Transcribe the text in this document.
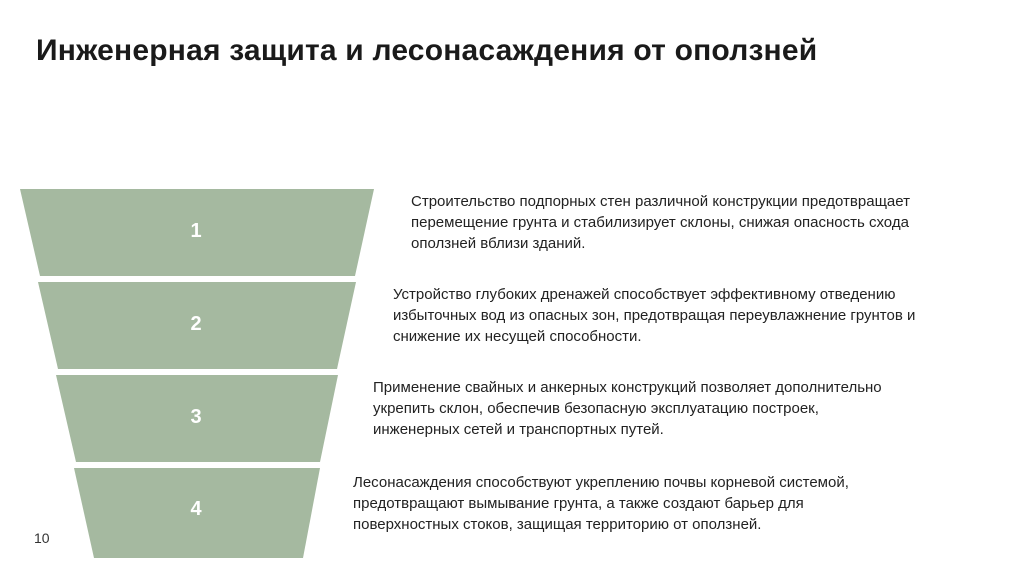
Инженерная защита и лесонасаждения от оползней
1
2
3
4
Строительство подпорных стен различной конструкции предотвращает
перемещение грунта и стабилизирует склоны, снижая опасность схода
оползней вблизи зданий.
Устройство глубоких дренажей способствует эффективному отведению
избыточных вод из опасных зон, предотвращая переувлажнение грунтов и
снижение их несущей способности.
Применение свайных и анкерных конструкций позволяет дополнительно
укрепить склон, обеспечив безопасную эксплуатацию построек,
инженерных сетей и транспортных путей.
Лесонасаждения способствуют укреплению почвы корневой системой,
предотвращают вымывание грунта, а также создают барьер для
поверхностных стоков, защищая территорию от оползней.
10
